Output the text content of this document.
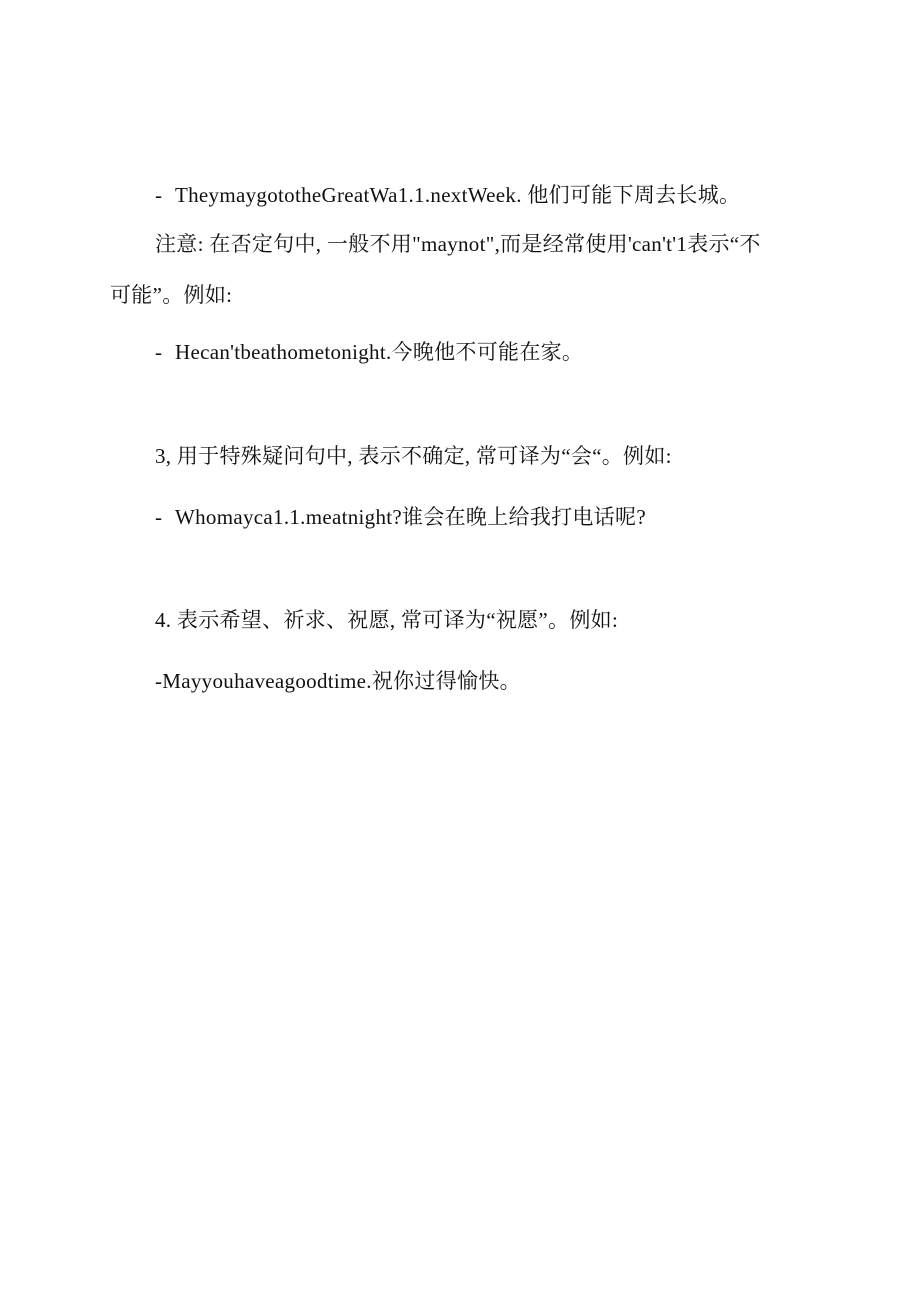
- TheymaygototheGreatWa1.1.nextWeek. 他们可能下周去长城。
注意: 在否定句中, 一般不用"maynot",而是经常使用'can't'1表示“不
可能”。例如:
- Hecan'tbeathometonight.今晚他不可能在家。
3, 用于特殊疑问句中, 表示不确定, 常可译为“会“。例如:
- Whomayca1.1.meatnight?谁会在晚上给我打电话呢?
4. 表示希望、祈求、祝愿, 常可译为“祝愿”。例如:
-Mayyouhaveagoodtime.祝你过得愉快。
